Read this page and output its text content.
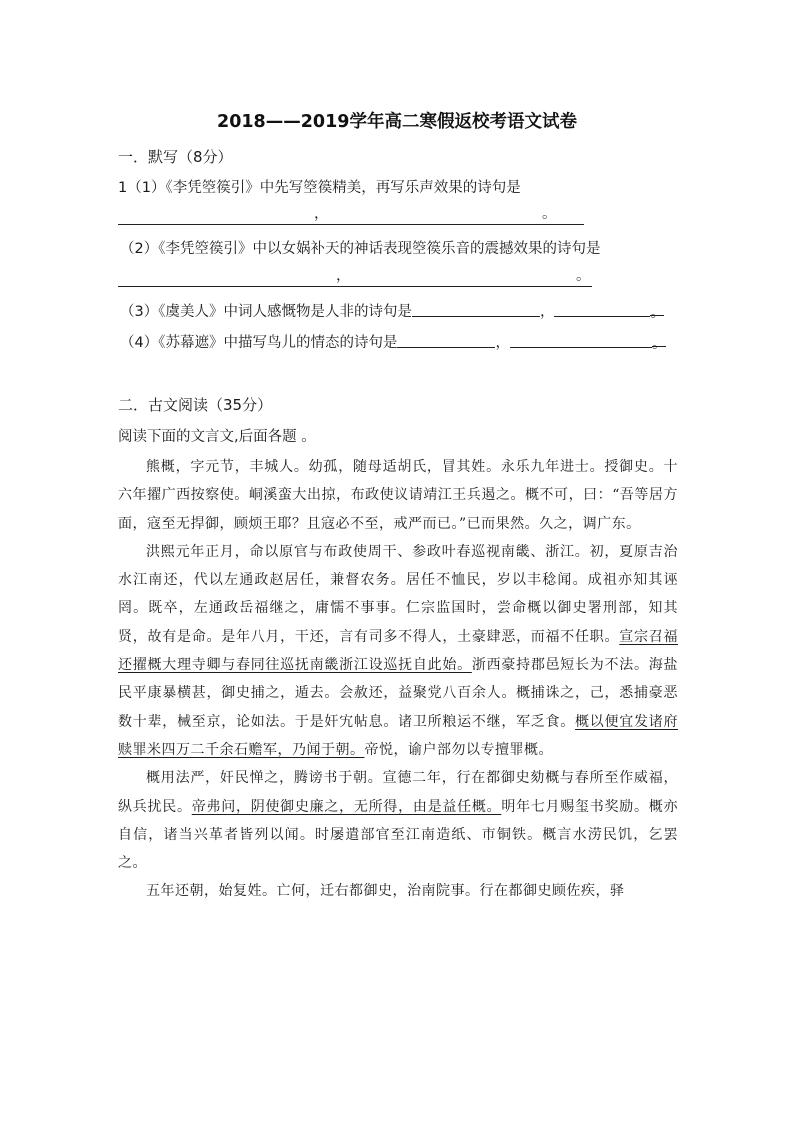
2018——2019学年高二寒假返校考语文试卷
一．默写（8分）
1（1）《李凭箜篌引》中先写箜篌精美，再写乐声效果的诗句是
，	。
（2）《李凭箜篌引》中以女娲补天的神话表现箜篌乐音的震撼效果的诗句是
，	。
（3）《虞美人》中词人感慨物是人非的诗句是	，	。
（4）《苏幕遮》中描写鸟儿的情态的诗句是	，	。
二．古文阅读（35分）
阅读下面的文言文,后面各题 。

熊概，字元节，丰城人。幼孤，随母适胡氏，冒其姓。永乐九年进士。授御史。十六年擢广西按察使。峒溪蛮大出掠，布政使议请靖江王兵遏之。概不可，曰：“吾等居方面，寇至无捍御，顾烦王耶？且寇必不至，戒严而已。”已而果然。久之，调广东。

洪熙元年正月，命以原官与布政使周干、参政叶春巡视南畿、浙江。初，夏原吉治水江南还，代以左通政赵居任，兼督农务。居任不恤民，岁以丰稔闻。成祖亦知其诬罔。既卒，左通政岳福继之，庸懦不事事。仁宗监国时，尝命概以御史署刑部，知其贤，故有是命。是年八月，干还，言有司多不得人，土豪肆恶，而福不任职。宣宗召福还擢概大理寺卿与春同往巡抚南畿浙江设巡抚自此始。浙西豪持郡邑短长为不法。海盐民平康暴横甚，御史捕之，遁去。会赦还，益聚党八百余人。概捕诛之，己，悉捕豪恶数十辈，械至京，论如法。于是奸宄帖息。诸卫所粮运不继，军乏食。概以便宜发诸府赎罪米四万二千余石赡军，乃闻于朝。帝悦，谕户部勿以专擅罪概。

概用法严，奸民惮之，腾谤书于朝。宣德二年，行在都御史劾概与春所至作威福，纵兵扰民。帝弗问，阴使御史廉之，无所得，由是益任概。明年七月赐玺书奖励。概亦自信，诸当兴革者皆列以闻。时屡遣部官至江南造纸、市铜铁。概言水涝民饥，乞罢之。

五年还朝，始复姓。亡何，迁右都御史，治南院事。行在都御史顾佐疾，驿
